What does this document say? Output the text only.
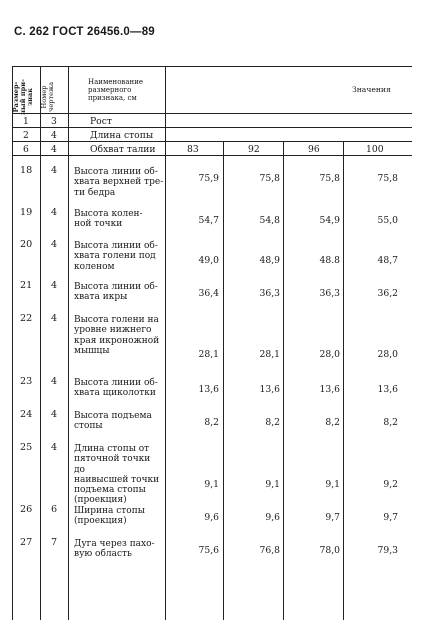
С. 262 ГОСТ 26456.0—89
Размер-ный при-знак Номер чертежа	Наименование размерного признака, см
Значения
1 3	Рост
2 4	Длина стопы
6 4	Обхват талии	83	92	96	100
18 4 Высота линии об-
хвата верхней тре-
ти бедра
75,9	75,8	75,8	75,8
19 4 Высота колен-
ной точки	54,7	54,8	54,9	55,0
20 4 Высота линии об-
хвата голени под
коленом
49,0	48,9	48.8	48,7
21 4 Высота линии об-
хвата икры	36,4	36,3	36,3	36,2
22 4 Высота голени на
уровне нижнего
края икроножной
мышцы	28,1	28,1	28,0	28,0
23 4 Высота линии об-
хвата щиколотки	13,6	13,6	13,6	13,6
24 4 Высота подъема
стопы	8,2	8,2	8,2	8,2
25 4 Длина стопы от
пяточной точки до
наивысшей точки
подъема стопы
(проекция)
9,1	9,1	9,1	9,2
26 6 Ширина стопы
(проекция)	9,6	9,6	9,7	9,7
27 7 Дуга через пахо-
вую область	75,6	76,8	78,0	79,3
